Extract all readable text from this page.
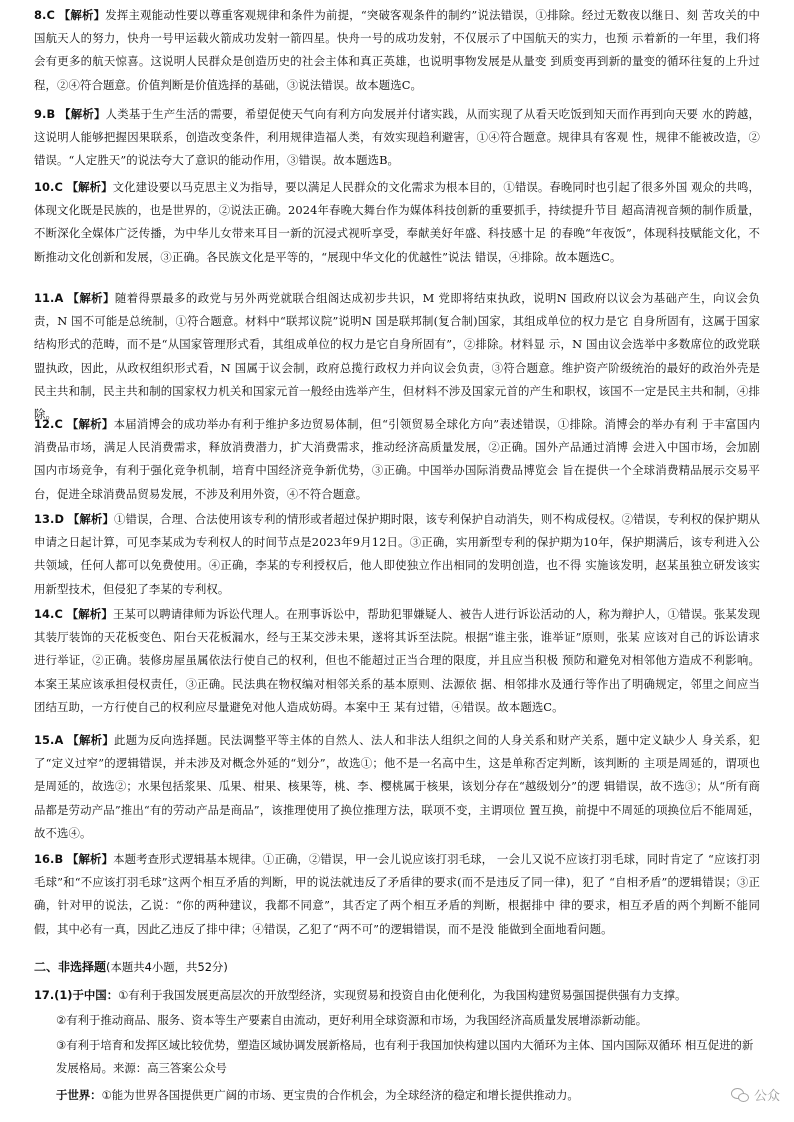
8.C 【解析】发挥主观能动性要以尊重客观规律和条件为前提，“突破客观条件的制约”说法错误，①排除。经过无数夜以继日、刻 苦攻关的中国航天人的努力，快舟一号甲运载火箭成功发射一箭四星。快舟一号的成功发射，不仅展示了中国航天的实力，也预 示着新的一年里，我们将会有更多的航天惊喜。这说明人民群众是创造历史的社会主体和真正英雄，也说明事物发展是从量变 到质变再到新的量变的循环往复的上升过程，②④符合题意。价值判断是价值选择的基础，③说法错误。故本题选C。
9.B 【解析】人类基于生产生活的需要，希望促使天气向有利方向发展并付诸实践，从而实现了从看天吃饭到知天而作再到向天要 水的跨越，这说明人能够把握因果联系，创造改变条件，利用规律造福人类，有效实现趋利避害，①④符合题意。规律具有客观 性，规律不能被改造，②错误。“人定胜天”的说法夸大了意识的能动作用，③错误。故本题选B。
10.C 【解析】文化建设要以马克思主义为指导，要以满足人民群众的文化需求为根本目的，①错误。春晚同时也引起了很多外国 观众的共鸣，体现文化既是民族的，也是世界的，②说法正确。2024年春晚大舞台作为媒体科技创新的重要抓手，持续提升节目 超高清视音频的制作质量，不断深化全媒体广泛传播，为中华儿女带来耳目一新的沉浸式视听享受，奉献美好年盛、科技感十足 的春晚“年夜饭”，体现科技赋能文化，不断推动文化创新和发展，③正确。各民族文化是平等的，“展现中华文化的优越性”说法 错误，④排除。故本题选C。
11.A 【解析】随着得票最多的政党与另外两党就联合组阁达成初步共识，M 党即将结束执政，说明N 国政府以议会为基础产生，向议会负责，N 国不可能是总统制，①符合题意。材料中“联邦议院”说明N 国是联邦制(复合制)国家，其组成单位的权力是它 自身所固有，这属于国家结构形式的范畴，而不是“从国家管理形式看，其组成单位的权力是它自身所固有”，②排除。材料显 示，N 国由议会选举中多数席位的政党联盟执政，因此，从政权组织形式看，N 国属于议会制，政府总揽行政权力并向议会负责，③符合题意。维护资产阶级统治的最好的政治外壳是民主共和制，民主共和制的国家权力机关和国家元首一般经由选举产生，但材料不涉及国家元首的产生和职权，该国不一定是民主共和制，④排除。
12.C 【解析】本届消博会的成功举办有利于维护多边贸易体制，但“引领贸易全球化方向”表述错误，①排除。消博会的举办有利 于丰富国内消费品市场，满足人民消费需求，释放消费潜力，扩大消费需求，推动经济高质量发展，②正确。国外产品通过消博 会进入中国市场，会加剧国内市场竞争，有利于强化竞争机制，培育中国经济竞争新优势，③正确。中国举办国际消费品博览会 旨在提供一个全球消费精品展示交易平台，促进全球消费品贸易发展，不涉及利用外资，④不符合题意。
13.D 【解析】①错误，合理、合法使用该专利的情形或者超过保护期时限，该专利保护自动消失，则不构成侵权。②错误，专利权的保护期从申请之日起计算，可见李某成为专利权人的时间节点是2023年9月12日。③正确，实用新型专利的保护期为10年，保护期满后，该专利进入公共领域，任何人都可以免费使用。④正确，李某的专利授权后，他人即使独立作出相同的发明创造，也不得 实施该发明，赵某虽独立研发该实用新型技术，但侵犯了李某的专利权。
14.C 【解析】王某可以聘请律师为诉讼代理人。在刑事诉讼中，帮助犯罪嫌疑人、被告人进行诉讼活动的人，称为辩护人，①错误。张某发现其装厅装饰的天花板变色、阳台天花板漏水，经与王某交涉未果，遂将其诉至法院。根据“谁主张，谁举证”原则，张某 应该对自己的诉讼请求进行举证，②正确。装修房屋虽属依法行使自己的权利，但也不能超过正当合理的限度，并且应当积极 预防和避免对相邻他方造成不利影响。本案王某应该承担侵权责任，③正确。民法典在物权编对相邻关系的基本原则、法源依 据、相邻排水及通行等作出了明确规定，邻里之间应当团结互助，一方行使自己的权利应尽量避免对他人造成妨碍。本案中王 某有过错，④错误。故本题选C。
15.A 【解析】此题为反向选择题。民法调整平等主体的自然人、法人和非法人组织之间的人身关系和财产关系，题中定义缺少人 身关系，犯了“定义过窄”的逻辑错误，并未涉及对概念外延的“划分”，故选①；他不是一名高中生，这是单称否定判断，该判断的 主项是周延的，谓项也是周延的，故选②；水果包括浆果、瓜果、柑果、核果等，桃、李、樱桃属于核果，该划分存在“越级划分”的逻 辑错误，故不选③；从“所有商品都是劳动产品”推出“有的劳动产品是商品”，该推理使用了换位推理方法，联项不变，主谓项位 置互换，前提中不周延的项换位后不能周延，故不选④。
16.B 【解析】本题考查形式逻辑基本规律。①正确，②错误，甲一会儿说应该打羽毛球， 一会儿又说不应该打羽毛球，同时肯定了 “应该打羽毛球”和“不应该打羽毛球”这两个相互矛盾的判断，甲的说法就违反了矛盾律的要求(而不是违反了同一律)，犯了 “自相矛盾”的逻辑错误；③正确，针对甲的说法，乙说：“你的两种建议，我都不同意”，其否定了两个相互矛盾的判断，根据排中 律的要求，相互矛盾的两个判断不能同假，其中必有一真，因此乙违反了排中律；④错误，乙犯了“两不可”的逻辑错误，而不是没 能做到全面地看问题。
二、非选择题(本题共4小题，共52分)
17.(1)于中国：①有利于我国发展更高层次的开放型经济，实现贸易和投资自由化便利化，为我国构建贸易强国提供强有力支撑。
②有利于推动商品、服务、资本等生产要素自由流动，更好利用全球资源和市场，为我国经济高质量发展增添新动能。
③有利于培育和发挥区域比较优势，塑造区域协调发展新格局，也有利于我国加快构建以国内大循环为主体、国内国际双循环 相互促进的新发展格局。来源：高三答案公众号
于世界：①能为世界各国提供更广阔的市场、更宝贵的合作机会，为全球经济的稳定和增长提供推动力。	公众
